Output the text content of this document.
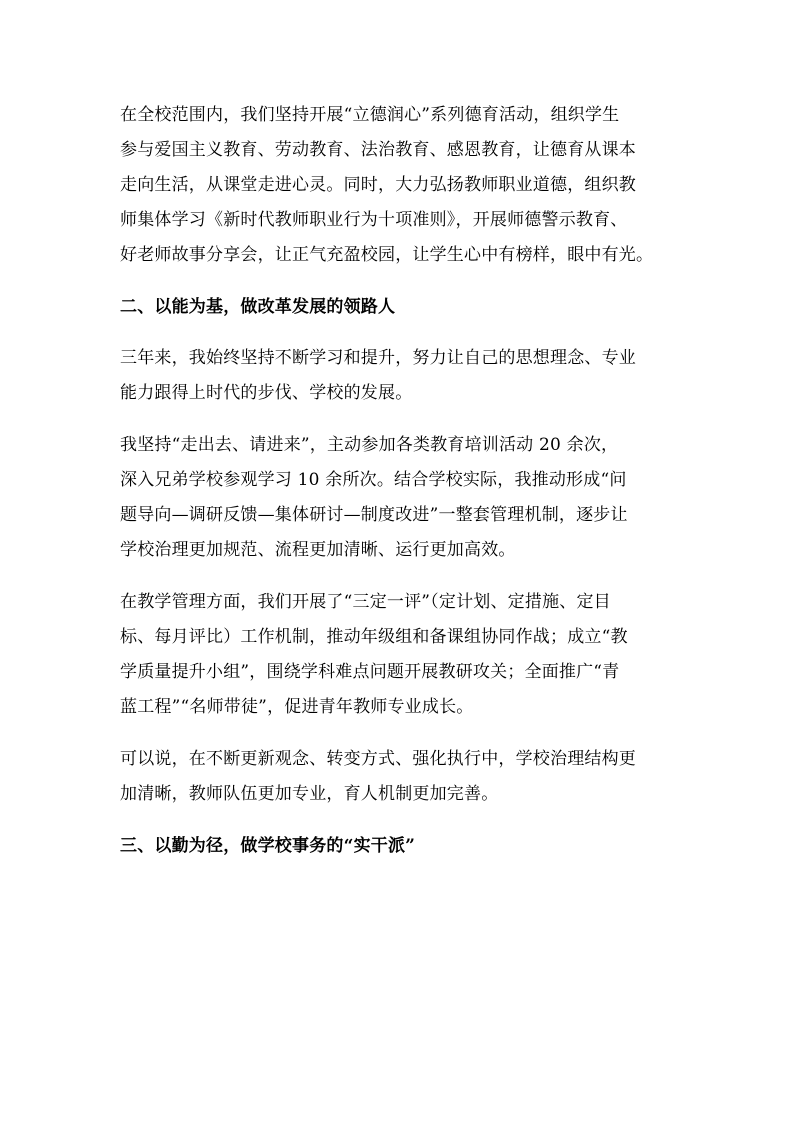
在全校范围内，我们坚持开展“立德润心”系列德育活动，组织学生
参与爱国主义教育、劳动教育、法治教育、感恩教育，让德育从课本
走向生活，从课堂走进心灵。同时，大力弘扬教师职业道德，组织教
师集体学习《新时代教师职业行为十项准则》，开展师德警示教育、
好老师故事分享会，让正气充盈校园，让学生心中有榜样，眼中有光。

二、以能为基，做改革发展的领路人

三年来，我始终坚持不断学习和提升，努力让自己的思想理念、专业
能力跟得上时代的步伐、学校的发展。

我坚持“走出去、请进来”，主动参加各类教育培训活动 20 余次，
深入兄弟学校参观学习 10 余所次。结合学校实际，我推动形成“问
题导向—调研反馈—集体研讨—制度改进”一整套管理机制，逐步让
学校治理更加规范、流程更加清晰、运行更加高效。

在教学管理方面，我们开展了“三定一评”（定计划、定措施、定目
标、每月评比）工作机制，推动年级组和备课组协同作战；成立“教
学质量提升小组”，围绕学科难点问题开展教研攻关；全面推广“青
蓝工程”“名师带徒”，促进青年教师专业成长。

可以说，在不断更新观念、转变方式、强化执行中，学校治理结构更
加清晰，教师队伍更加专业，育人机制更加完善。

三、以勤为径，做学校事务的“实干派”
